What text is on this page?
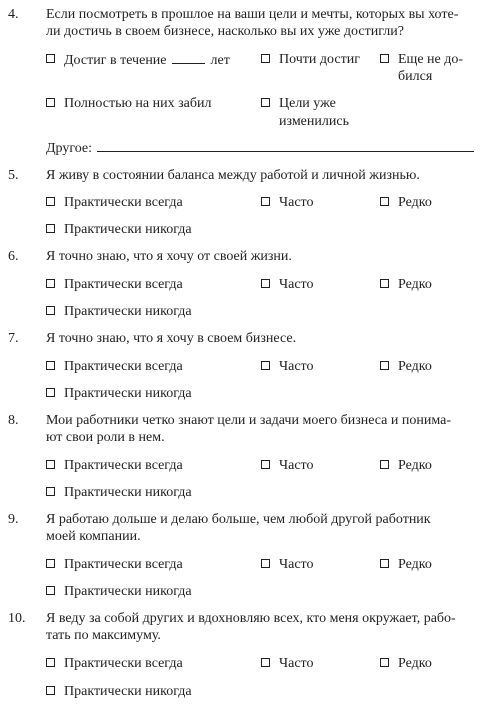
4. Если посмотреть в прошлое на ваши цели и мечты, которых вы хоте-
ли достичь в своем бизнесе, насколько вы их уже достигли?
Достиг в течение	лет	Почти достиг	Еще не до-
бился
Полностью на них забил	Цели уже
изменились
Другое:
5. Я живу в состоянии баланса между работой и личной жизнью.
Практически всегда	Часто	Редко
Практически никогда
6. Я точно знаю, что я хочу от своей жизни.
Практически всегда	Часто	Редко
Практически никогда
7. Я точно знаю, что я хочу в своем бизнесе.
Практически всегда	Часто	Редко
Практически никогда
8. Мои работники четко знают цели и задачи моего бизнеса и понима-
ют свои роли в нем.
Практически всегда	Часто	Редко
Практически никогда
9. Я работаю дольше и делаю больше, чем любой другой работник
моей компании.
Практически всегда	Часто	Редко
Практически никогда
10. Я веду за собой других и вдохновляю всех, кто меня окружает, рабо-
тать по максимуму.
Практически всегда	Часто	Редко
Практически никогда
